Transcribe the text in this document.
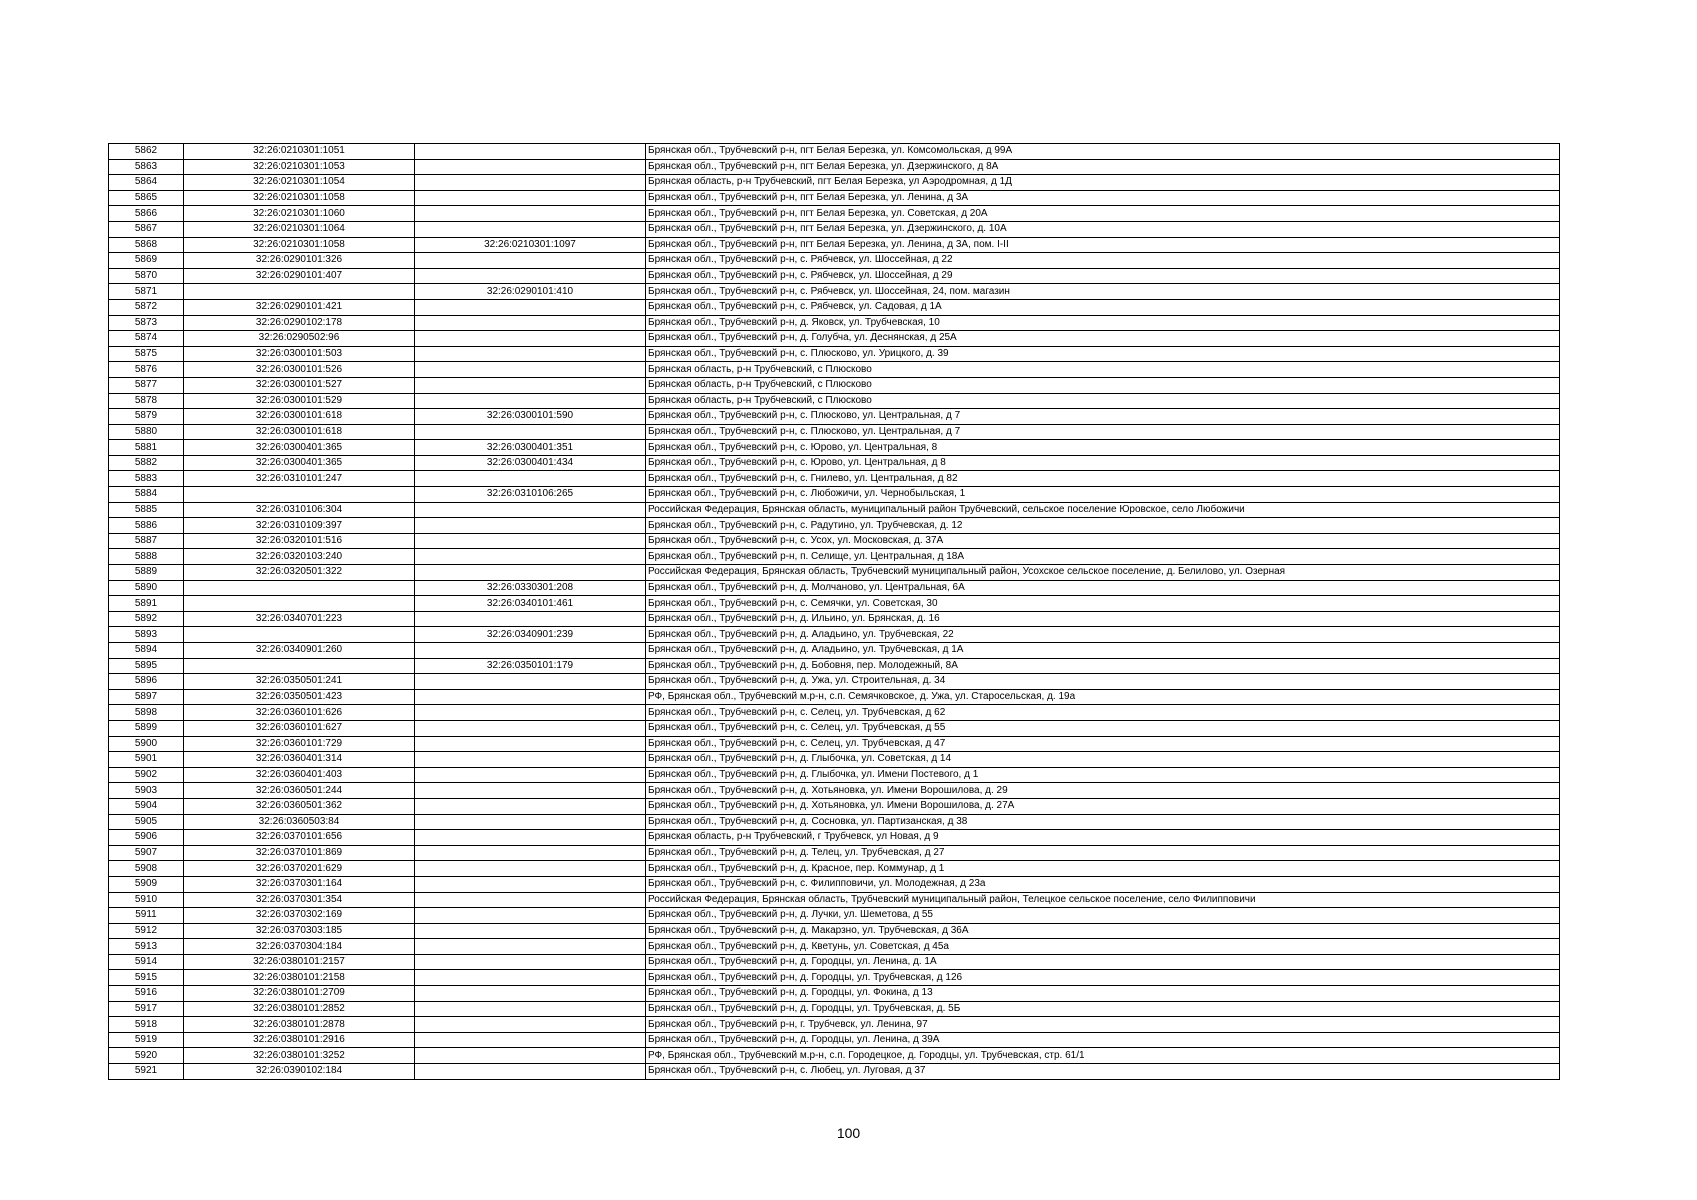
5862	32:26:0210301:1051		Брянская обл., Трубчевский р-н, пгт Белая Березка, ул. Комсомольская, д 99А
5863	32:26:0210301:1053		Брянская обл., Трубчевский р-н, пгт Белая Березка, ул. Дзержинского, д 8А
5864	32:26:0210301:1054		Брянская область, р-н Трубчевский, пгт Белая Березка, ул Аэродромная, д 1Д
5865	32:26:0210301:1058		Брянская обл., Трубчевский р-н, пгт Белая Березка, ул. Ленина, д 3А
5866	32:26:0210301:1060		Брянская обл., Трубчевский р-н, пгт Белая Березка, ул. Советская, д 20А
5867	32:26:0210301:1064		Брянская обл., Трубчевский р-н, пгт Белая Березка, ул. Дзержинского, д. 10А
5868	32:26:0210301:1058	32:26:0210301:1097	Брянская обл., Трубчевский р-н, пгт Белая Березка, ул. Ленина, д 3А, пом. I-II
5869	32:26:0290101:326		Брянская обл., Трубчевский р-н, с. Рябчевск, ул. Шоссейная, д 22
5870	32:26:0290101:407		Брянская обл., Трубчевский р-н, с. Рябчевск, ул. Шоссейная, д 29
5871		32:26:0290101:410	Брянская обл., Трубчевский р-н, с. Рябчевск, ул. Шоссейная, 24, пом. магазин
5872	32:26:0290101:421		Брянская обл., Трубчевский р-н, с. Рябчевск, ул. Садовая, д 1А
5873	32:26:0290102:178		Брянская обл., Трубчевский р-н, д. Яковск, ул. Трубчевская, 10
5874	32:26:0290502:96		Брянская обл., Трубчевский р-н, д. Голубча, ул. Деснянская, д 25А
5875	32:26:0300101:503		Брянская обл., Трубчевский р-н, с. Плюсково, ул. Урицкого, д. 39
5876	32:26:0300101:526		Брянская область, р-н Трубчевский, с Плюсково
5877	32:26:0300101:527		Брянская область, р-н Трубчевский, с Плюсково
5878	32:26:0300101:529		Брянская область, р-н Трубчевский, с Плюсково
5879	32:26:0300101:618	32:26:0300101:590	Брянская обл., Трубчевский р-н, с. Плюсково, ул. Центральная, д 7
5880	32:26:0300101:618		Брянская обл., Трубчевский р-н, с. Плюсково, ул. Центральная, д 7
5881	32:26:0300401:365	32:26:0300401:351	Брянская обл., Трубчевский р-н, с. Юрово, ул. Центральная, 8
5882	32:26:0300401:365	32:26:0300401:434	Брянская обл., Трубчевский р-н, с. Юрово, ул. Центральная, д 8
5883	32:26:0310101:247		Брянская обл., Трубчевский р-н, с. Гнилево, ул. Центральная, д 82
5884		32:26:0310106:265	Брянская обл., Трубчевский р-н, с. Любожичи, ул. Чернобыльская, 1
5885	32:26:0310106:304		Российская Федерация, Брянская область, муниципальный район Трубчевский, сельское поселение Юровское, село Любожичи
5886	32:26:0310109:397		Брянская обл., Трубчевский р-н, с. Радутино, ул. Трубчевская, д. 12
5887	32:26:0320101:516		Брянская обл., Трубчевский р-н, с. Усох, ул. Московская, д. 37А
5888	32:26:0320103:240		Брянская обл., Трубчевский р-н, п. Селище, ул. Центральная, д 18А
5889	32:26:0320501:322		Российская Федерация, Брянская область, Трубчевский муниципальный район, Усохское сельское поселение, д. Белилово, ул. Озерная
5890		32:26:0330301:208	Брянская обл., Трубчевский р-н, д. Молчаново, ул. Центральная, 6А
5891		32:26:0340101:461	Брянская обл., Трубчевский р-н, с. Семячки, ул. Советская, 30
5892	32:26:0340701:223		Брянская обл., Трубчевский р-н, д. Ильино, ул. Брянская, д. 16
5893		32:26:0340901:239	Брянская обл., Трубчевский р-н, д. Аладьино, ул. Трубчевская, 22
5894	32:26:0340901:260		Брянская обл., Трубчевский р-н, д. Аладьино, ул. Трубчевская, д 1А
5895		32:26:0350101:179	Брянская обл., Трубчевский р-н, д. Бобовня, пер. Молодежный, 8А
5896	32:26:0350501:241		Брянская обл., Трубчевский р-н, д. Ужа, ул. Строительная, д. 34
5897	32:26:0350501:423		РФ, Брянская обл., Трубчевский м.р-н, с.п. Семячковское, д. Ужа, ул. Старосельская, д. 19а
5898	32:26:0360101:626		Брянская обл., Трубчевский р-н, с. Селец, ул. Трубчевская, д 62
5899	32:26:0360101:627		Брянская обл., Трубчевский р-н, с. Селец, ул. Трубчевская, д 55
5900	32:26:0360101:729		Брянская обл., Трубчевский р-н, с. Селец, ул. Трубчевская, д 47
5901	32:26:0360401:314		Брянская обл., Трубчевский р-н, д. Глыбочка, ул. Советская, д 14
5902	32:26:0360401:403		Брянская обл., Трубчевский р-н, д. Глыбочка, ул. Имени Постевого, д 1
5903	32:26:0360501:244		Брянская обл., Трубчевский р-н, д. Хотьяновка, ул. Имени Ворошилова, д. 29
5904	32:26:0360501:362		Брянская обл., Трубчевский р-н, д. Хотьяновка, ул. Имени Ворошилова, д. 27А
5905	32:26:0360503:84		Брянская обл., Трубчевский р-н, д. Сосновка, ул. Партизанская, д 38
5906	32:26:0370101:656		Брянская область, р-н Трубчевский, г Трубчевск, ул Новая, д 9
5907	32:26:0370101:869		Брянская обл., Трубчевский р-н, д. Телец, ул. Трубчевская, д 27
5908	32:26:0370201:629		Брянская обл., Трубчевский р-н, д. Красное, пер. Коммунар, д 1
5909	32:26:0370301:164		Брянская обл., Трубчевский р-н, с. Филипповичи, ул. Молодежная, д 23а
5910	32:26:0370301:354		Российская Федерация, Брянская область, Трубчевский муниципальный район, Телецкое сельское поселение, село Филипповичи
5911	32:26:0370302:169		Брянская обл., Трубчевский р-н, д. Лучки, ул. Шеметова, д 55
5912	32:26:0370303:185		Брянская обл., Трубчевский р-н, д. Макарзно, ул. Трубчевская, д 36А
5913	32:26:0370304:184		Брянская обл., Трубчевский р-н, д. Кветунь, ул. Советская, д 45а
5914	32:26:0380101:2157		Брянская обл., Трубчевский р-н, д. Городцы, ул. Ленина, д. 1А
5915	32:26:0380101:2158		Брянская обл., Трубчевский р-н, д. Городцы, ул. Трубчевская, д 126
5916	32:26:0380101:2709		Брянская обл., Трубчевский р-н, д. Городцы, ул. Фокина, д 13
5917	32:26:0380101:2852		Брянская обл., Трубчевский р-н, д. Городцы, ул. Трубчевская, д. 5Б
5918	32:26:0380101:2878		Брянская обл., Трубчевский р-н, г. Трубчевск, ул. Ленина, 97
5919	32:26:0380101:2916		Брянская обл., Трубчевский р-н, д. Городцы, ул. Ленина, д 39А
5920	32:26:0380101:3252		РФ, Брянская обл., Трубчевский м.р-н, с.п. Городецкое, д. Городцы, ул. Трубчевская, стр. 61/1
5921	32:26:0390102:184		Брянская обл., Трубчевский р-н, с. Любец, ул. Луговая, д 37
100
